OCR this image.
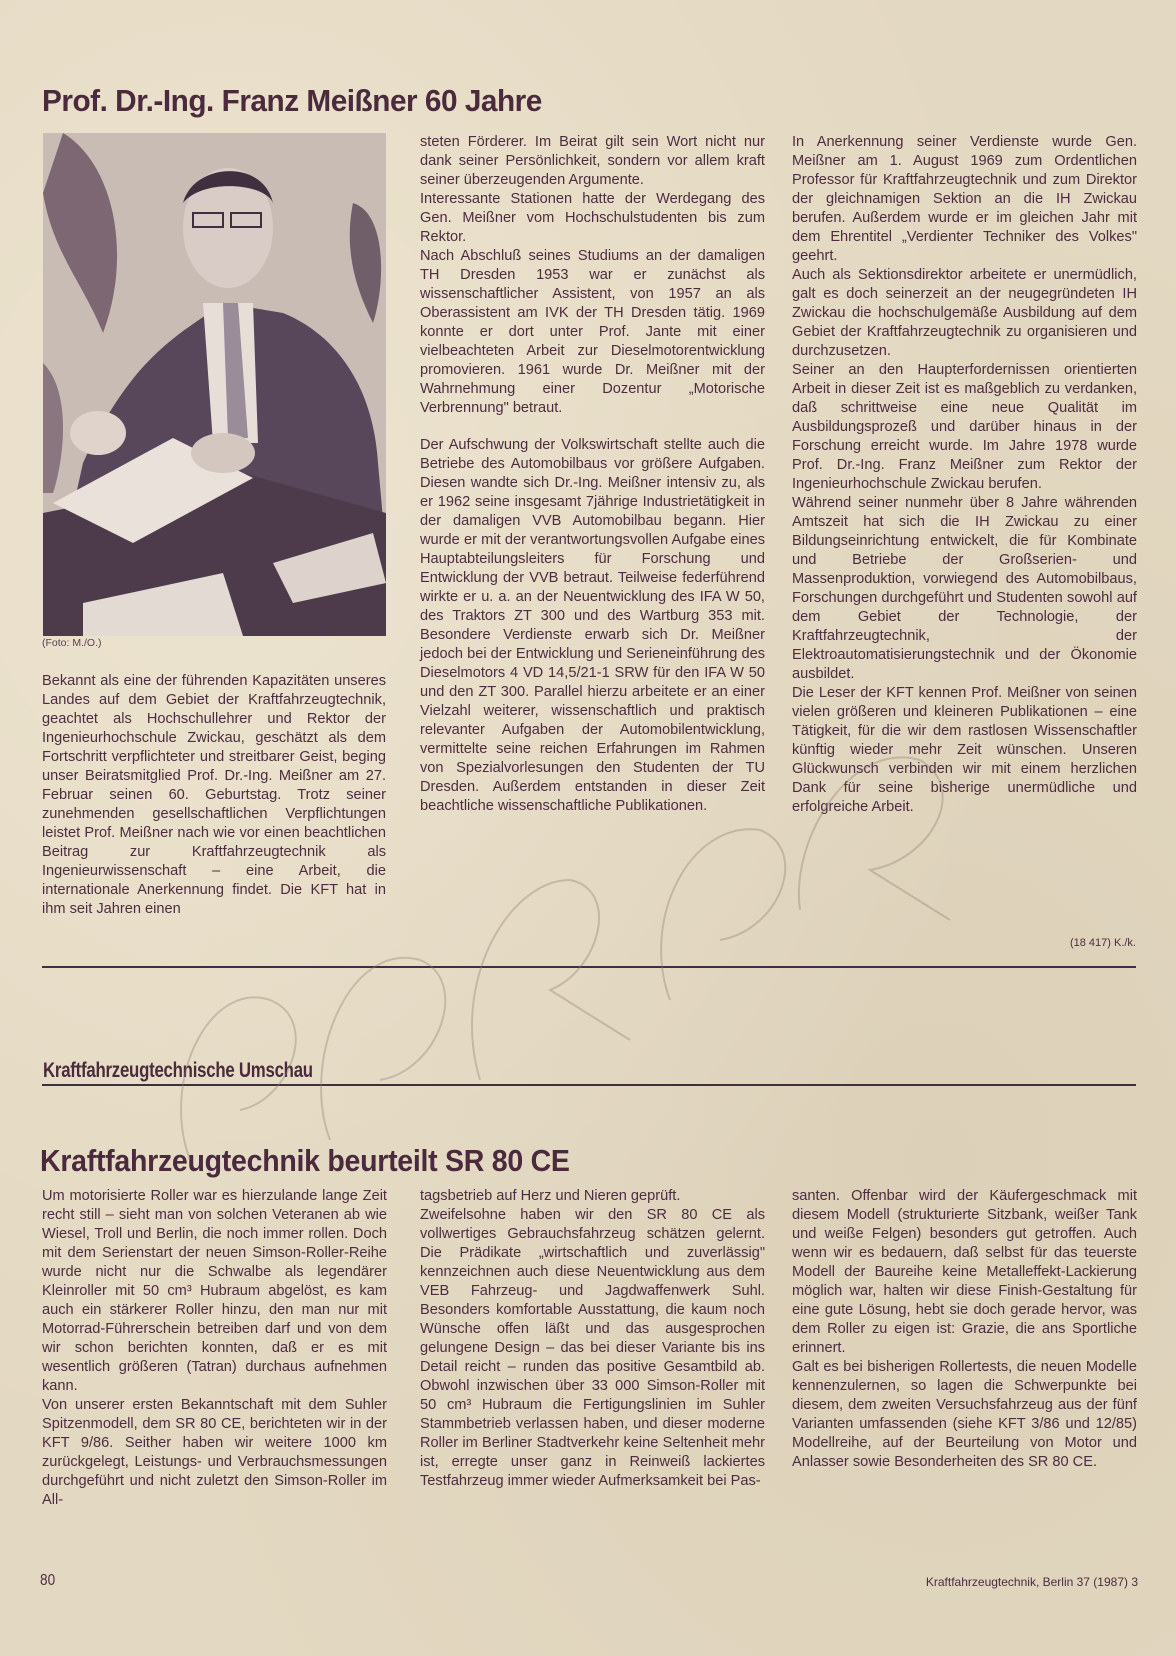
Prof. Dr.-Ing. Franz Meißner 60 Jahre
(Foto: M./O.)

Bekannt als eine der führenden Kapazitäten unseres Landes auf dem Gebiet der Kraftfahrzeugtechnik, geachtet als Hochschullehrer und Rektor der Ingenieurhochschule Zwickau, geschätzt als dem Fortschritt verpflichteter und streitbarer Geist, beging unser Beiratsmitglied Prof. Dr.-Ing. Meißner am 27. Februar seinen 60. Geburtstag. Trotz seiner zunehmenden gesellschaftlichen Verpflichtungen leistet Prof. Meißner nach wie vor einen beachtlichen Beitrag zur Kraftfahrzeugtechnik als Ingenieurwissenschaft – eine Arbeit, die internationale Anerkennung findet. Die KFT hat in ihm seit Jahren einen

steten Förderer. Im Beirat gilt sein Wort nicht nur dank seiner Persönlichkeit, sondern vor allem kraft seiner überzeugenden Argumente.

Interessante Stationen hatte der Werdegang des Gen. Meißner vom Hochschulstudenten bis zum Rektor.

Nach Abschluß seines Studiums an der damaligen TH Dresden 1953 war er zunächst als wissenschaftlicher Assistent, von 1957 an als Oberassistent am IVK der TH Dresden tätig. 1969 konnte er dort unter Prof. Jante mit einer vielbeachteten Arbeit zur Dieselmotorentwicklung promovieren. 1961 wurde Dr. Meißner mit der Wahrnehmung einer Dozentur „Motorische Verbrennung" betraut.

Der Aufschwung der Volkswirtschaft stellte auch die Betriebe des Automobilbaus vor größere Aufgaben. Diesen wandte sich Dr.-Ing. Meißner intensiv zu, als er 1962 seine insgesamt 7jährige Industrietätigkeit in der damaligen VVB Automobilbau begann. Hier wurde er mit der verantwortungsvollen Aufgabe eines Hauptabteilungsleiters für Forschung und Entwicklung der VVB betraut. Teilweise federführend wirkte er u. a. an der Neuentwicklung des IFA W 50, des Traktors ZT 300 und des Wartburg 353 mit. Besondere Verdienste erwarb sich Dr. Meißner jedoch bei der Entwicklung und Serieneinführung des Dieselmotors 4 VD 14,5/21-1 SRW für den IFA W 50 und den ZT 300. Parallel hierzu arbeitete er an einer Vielzahl weiterer, wissenschaftlich und praktisch relevanter Aufgaben der Automobilentwicklung, vermittelte seine reichen Erfahrungen im Rahmen von Spezialvorlesungen den Studenten der TU Dresden. Außerdem entstanden in dieser Zeit beachtliche wissenschaftliche Publikationen.

In Anerkennung seiner Verdienste wurde Gen. Meißner am 1. August 1969 zum Ordentlichen Professor für Kraftfahrzeugtechnik und zum Direktor der gleichnamigen Sektion an die IH Zwickau berufen. Außerdem wurde er im gleichen Jahr mit dem Ehrentitel „Verdienter Techniker des Volkes" geehrt.

Auch als Sektionsdirektor arbeitete er unermüdlich, galt es doch seinerzeit an der neugegründeten IH Zwickau die hochschulgemäße Ausbildung auf dem Gebiet der Kraftfahrzeugtechnik zu organisieren und durchzusetzen.

Seiner an den Haupterfordernissen orientierten Arbeit in dieser Zeit ist es maßgeblich zu verdanken, daß schrittweise eine neue Qualität im Ausbildungsprozeß und darüber hinaus in der Forschung erreicht wurde. Im Jahre 1978 wurde Prof. Dr.-Ing. Franz Meißner zum Rektor der Ingenieurhochschule Zwickau berufen.

Während seiner nunmehr über 8 Jahre währenden Amtszeit hat sich die IH Zwickau zu einer Bildungseinrichtung entwickelt, die für Kombinate und Betriebe der Großserien- und Massenproduktion, vorwiegend des Automobilbaus, Forschungen durchgeführt und Studenten sowohl auf dem Gebiet der Technologie, der Kraftfahrzeugtechnik, der Elektroautomatisierungstechnik und der Ökonomie ausbildet.

Die Leser der KFT kennen Prof. Meißner von seinen vielen größeren und kleineren Publikationen – eine Tätigkeit, für die wir dem rastlosen Wissenschaftler künftig wieder mehr Zeit wünschen. Unseren Glückwunsch verbinden wir mit einem herzlichen Dank für seine bisherige unermüdliche und erfolgreiche Arbeit.

(18 417) K./k.
Kraftfahrzeugtechnische Umschau
Kraftfahrzeugtechnik beurteilt SR 80 CE

Um motorisierte Roller war es hierzulande lange Zeit recht still – sieht man von solchen Veteranen ab wie Wiesel, Troll und Berlin, die noch immer rollen. Doch mit dem Serienstart der neuen Simson-Roller-Reihe wurde nicht nur die Schwalbe als legendärer Kleinroller mit 50 cm³ Hubraum abgelöst, es kam auch ein stärkerer Roller hinzu, den man nur mit Motorrad-Führerschein betreiben darf und von dem wir schon berichten konnten, daß er es mit wesentlich größeren (Tatran) durchaus aufnehmen kann.

Von unserer ersten Bekanntschaft mit dem Suhler Spitzenmodell, dem SR 80 CE, berichteten wir in der KFT 9/86. Seither haben wir weitere 1000 km zurückgelegt, Leistungs- und Verbrauchsmessungen durchgeführt und nicht zuletzt den Simson-Roller im All-

tagsbetrieb auf Herz und Nieren geprüft.

Zweifelsohne haben wir den SR 80 CE als vollwertiges Gebrauchsfahrzeug schätzen gelernt. Die Prädikate „wirtschaftlich und zuverlässig" kennzeichnen auch diese Neuentwicklung aus dem VEB Fahrzeug- und Jagdwaffenwerk Suhl. Besonders komfortable Ausstattung, die kaum noch Wünsche offen läßt und das ausgesprochen gelungene Design – das bei dieser Variante bis ins Detail reicht – runden das positive Gesamtbild ab. Obwohl inzwischen über 33 000 Simson-Roller mit 50 cm³ Hubraum die Fertigungslinien im Suhler Stammbetrieb verlassen haben, und dieser moderne Roller im Berliner Stadtverkehr keine Seltenheit mehr ist, erregte unser ganz in Reinweiß lackiertes Testfahrzeug immer wieder Aufmerksamkeit bei Pas-

santen. Offenbar wird der Käufergeschmack mit diesem Modell (strukturierte Sitzbank, weißer Tank und weiße Felgen) besonders gut getroffen. Auch wenn wir es bedauern, daß selbst für das teuerste Modell der Baureihe keine Metalleffekt-Lackierung möglich war, halten wir diese Finish-Gestaltung für eine gute Lösung, hebt sie doch gerade hervor, was dem Roller zu eigen ist: Grazie, die ans Sportliche erinnert.

Galt es bei bisherigen Rollertests, die neuen Modelle kennenzulernen, so lagen die Schwerpunkte bei diesem, dem zweiten Versuchsfahrzeug aus der fünf Varianten umfassenden (siehe KFT 3/86 und 12/85) Modellreihe, auf der Beurteilung von Motor und Anlasser sowie Besonderheiten des SR 80 CE.

80	Kraftfahrzeugtechnik, Berlin 37 (1987) 3
